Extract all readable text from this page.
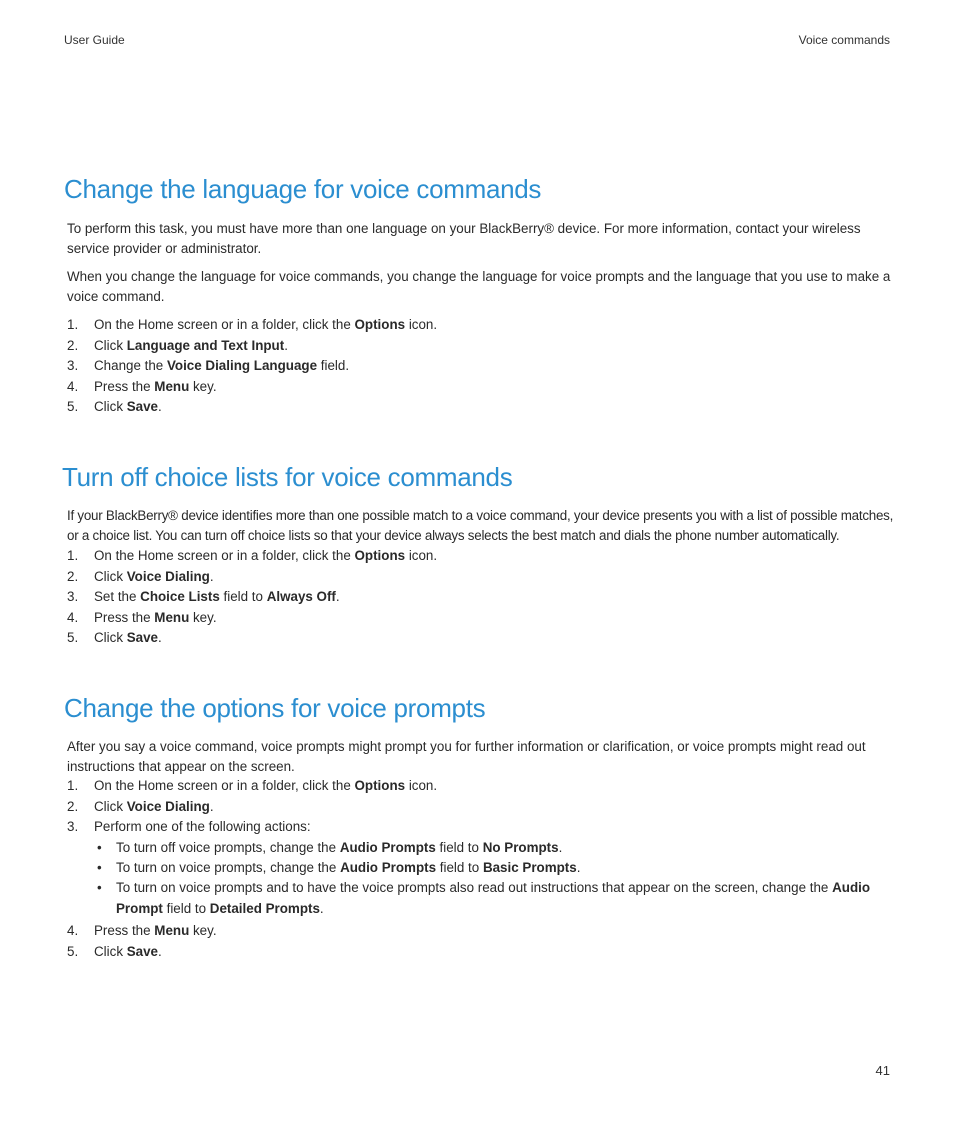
User Guide	Voice commands
Change the language for voice commands

To perform this task, you must have more than one language on your BlackBerry® device. For more information, contact your wireless service provider or administrator.

When you change the language for voice commands, you change the language for voice prompts and the language that you use to make a voice command.

1. On the Home screen or in a folder, click the Options icon.
2. Click Language and Text Input.
3. Change the Voice Dialing Language field.
4. Press the Menu key.
5. Click Save.
Turn off choice lists for voice commands

If your BlackBerry® device identifies more than one possible match to a voice command, your device presents you with a list of possible matches, or a choice list. You can turn off choice lists so that your device always selects the best match and dials the phone number automatically.

1. On the Home screen or in a folder, click the Options icon.
2. Click Voice Dialing.
3. Set the Choice Lists field to Always Off.
4. Press the Menu key.
5. Click Save.
Change the options for voice prompts

After you say a voice command, voice prompts might prompt you for further information or clarification, or voice prompts might read out instructions that appear on the screen.

1. On the Home screen or in a folder, click the Options icon.
2. Click Voice Dialing.
3. Perform one of the following actions:
• To turn off voice prompts, change the Audio Prompts field to No Prompts.
• To turn on voice prompts, change the Audio Prompts field to Basic Prompts.
• To turn on voice prompts and to have the voice prompts also read out instructions that appear on the screen, change the Audio Prompt field to Detailed Prompts.
4. Press the Menu key.
5. Click Save.
41
